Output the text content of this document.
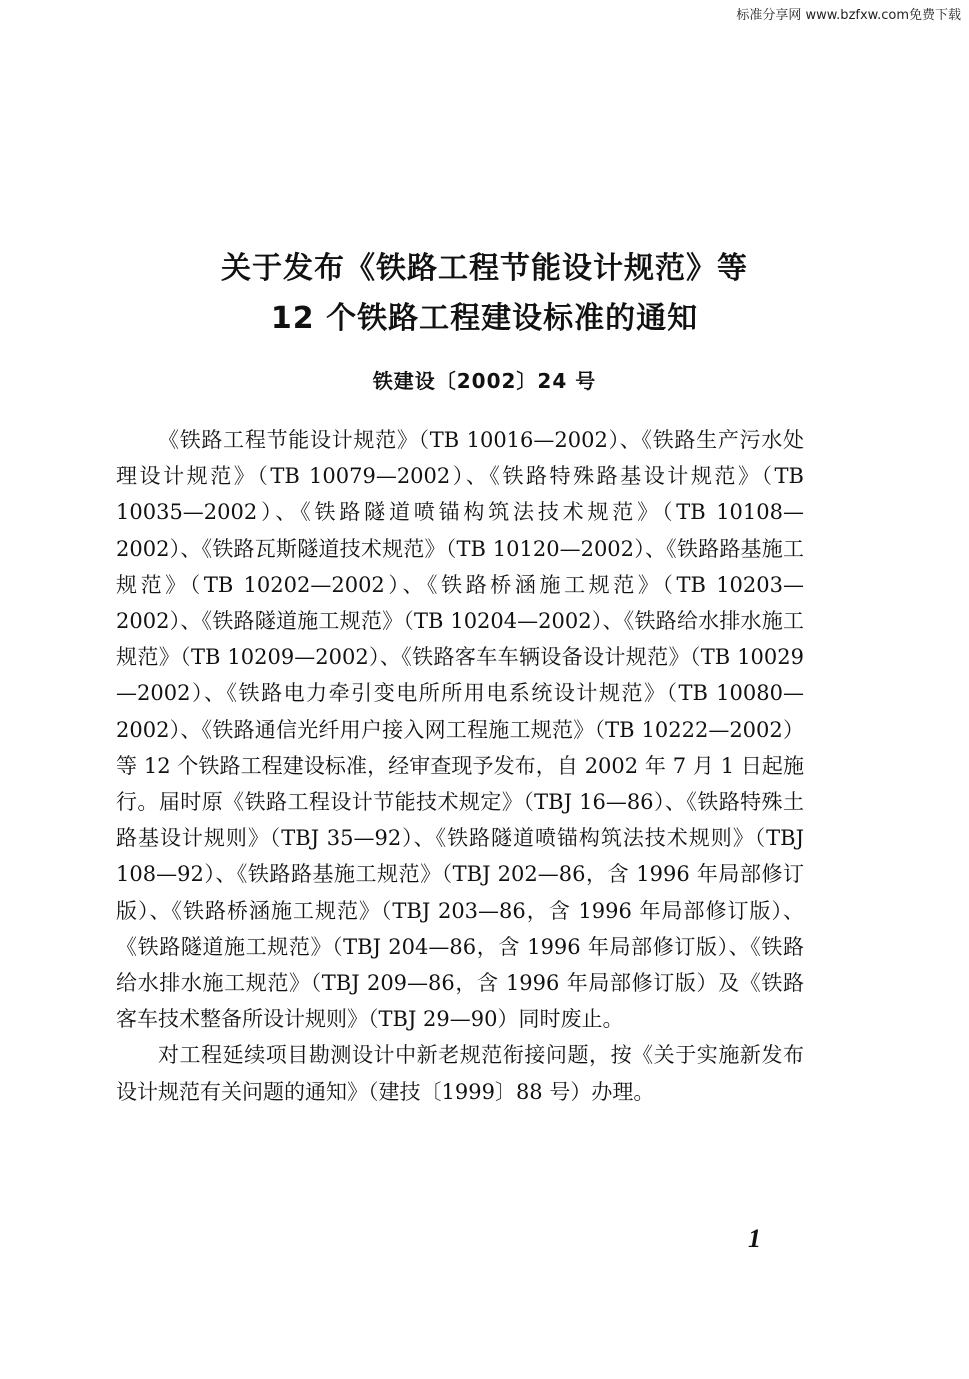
标准分享网 www.bzfxw.com免费下载
关于发布《铁路工程节能设计规范》等
12 个铁路工程建设标准的通知
铁建设〔2002〕24 号

《铁路工程节能设计规范》（TB 10016—2002）、《铁路生产污水处理设计规范》（TB 10079—2002）、《铁路特殊路基设计规范》（TB 10035—2002）、《铁路隧道喷锚构筑法技术规范》（TB 10108—2002）、《铁路瓦斯隧道技术规范》（TB 10120—2002）、《铁路路基施工规范》（TB 10202—2002）、《铁路桥涵施工规范》（TB 10203—2002）、《铁路隧道施工规范》（TB 10204—2002）、《铁路给水排水施工规范》（TB 10209—2002）、《铁路客车车辆设备设计规范》（TB 10029—2002）、《铁路电力牵引变电所所用电系统设计规范》（TB 10080—2002）、《铁路通信光纤用户接入网工程施工规范》（TB 10222—2002）等 12 个铁路工程建设标准，经审查现予发布，自 2002 年 7 月 1 日起施行。届时原《铁路工程设计节能技术规定》（TBJ 16—86）、《铁路特殊土路基设计规则》（TBJ 35—92）、《铁路隧道喷锚构筑法技术规则》（TBJ 108—92）、《铁路路基施工规范》（TBJ 202—86，含 1996 年局部修订版）、《铁路桥涵施工规范》（TBJ 203—86，含 1996 年局部修订版）、《铁路隧道施工规范》（TBJ 204—86，含 1996 年局部修订版）、《铁路给水排水施工规范》（TBJ 209—86，含 1996 年局部修订版）及《铁路客车技术整备所设计规则》（TBJ 29—90）同时废止。

对工程延续项目勘测设计中新老规范衔接问题，按《关于实施新发布设计规范有关问题的通知》（建技〔1999〕88 号）办理。

1
